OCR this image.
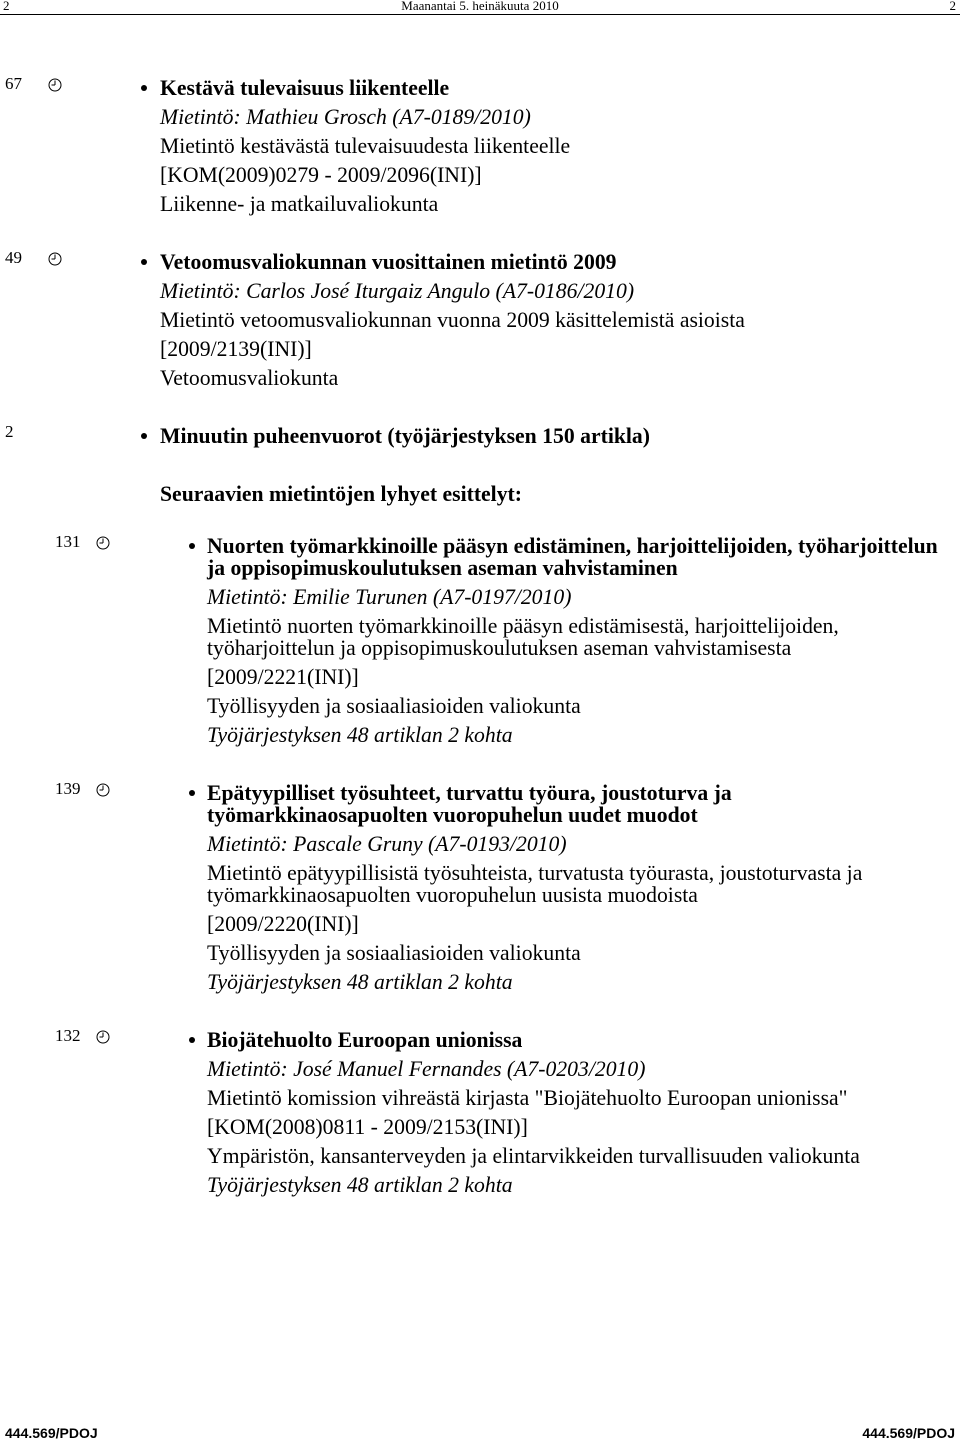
2	Maanantai 5. heinäkuuta 2010	2
67	Kestävä tulevaisuus liikenteelle
Mietintö: Mathieu Grosch (A7-0189/2010)
Mietintö kestävästä tulevaisuudesta liikenteelle
[KOM(2009)0279 - 2009/2096(INI)]
Liikenne- ja matkailuvaliokunta
49	Vetoomusvaliokunnan vuosittainen mietintö 2009
Mietintö: Carlos José Iturgaiz Angulo (A7-0186/2010)
Mietintö vetoomusvaliokunnan vuonna 2009 käsittelemistä asioista
[2009/2139(INI)]
Vetoomusvaliokunta
2	Minuutin puheenvuorot (työjärjestyksen 150 artikla)
Seuraavien mietintöjen lyhyet esittelyt:
131	Nuorten työmarkkinoille pääsyn edistäminen, harjoittelijoiden, työharjoittelun
ja oppisopimuskoulutuksen aseman vahvistaminen
Mietintö: Emilie Turunen (A7-0197/2010)
Mietintö nuorten työmarkkinoille pääsyn edistämisestä, harjoittelijoiden,
työharjoittelun ja oppisopimuskoulutuksen aseman vahvistamisesta
[2009/2221(INI)]
Työllisyyden ja sosiaaliasioiden valiokunta
Työjärjestyksen 48 artiklan 2 kohta
139	Epätyypilliset työsuhteet, turvattu työura, joustoturva ja
työmarkkinaosapuolten vuoropuhelun uudet muodot
Mietintö: Pascale Gruny (A7-0193/2010)
Mietintö epätyypillisistä työsuhteista, turvatusta työurasta, joustoturvasta ja
työmarkkinaosapuolten vuoropuhelun uusista muodoista
[2009/2220(INI)]
Työllisyyden ja sosiaaliasioiden valiokunta
Työjärjestyksen 48 artiklan 2 kohta
132	Biojätehuolto Euroopan unionissa
Mietintö: José Manuel Fernandes (A7-0203/2010)
Mietintö komission vihreästä kirjasta "Biojätehuolto Euroopan unionissa"
[KOM(2008)0811 - 2009/2153(INI)]
Ympäristön, kansanterveyden ja elintarvikkeiden turvallisuuden valiokunta
Työjärjestyksen 48 artiklan 2 kohta
444.569/PDOJ	444.569/PDOJ
